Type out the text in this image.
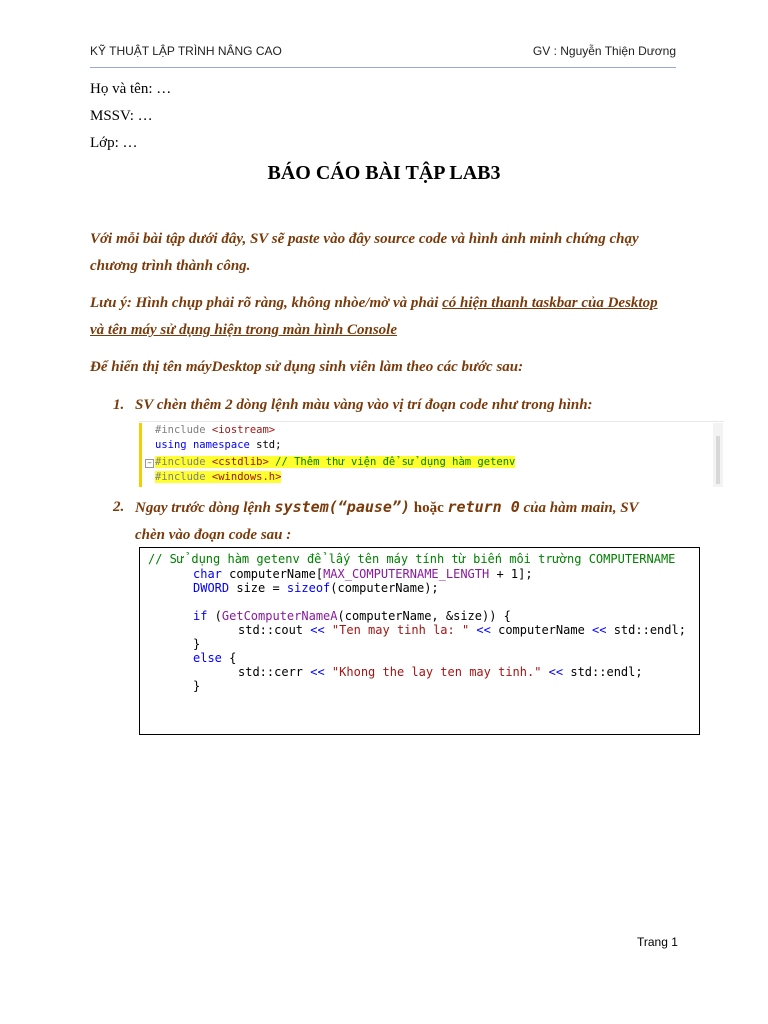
KỸ THUẬT LẬP TRÌNH NÂNG CAO	GV : Nguyễn Thiện Dương
Họ và tên: …
MSSV: …
Lớp: …
BÁO CÁO BÀI TẬP LAB3
Với mỗi bài tập dưới đây, SV sẽ paste vào đây source code và hình ảnh minh chứng chạy
chương trình thành công.
Lưu ý: Hình chụp phải rõ ràng, không nhòe/mờ và phải có hiện thanh taskbar của Desktop
và tên máy sử dụng hiện trong màn hình Console
Để hiển thị tên máyDesktop sử dụng sinh viên làm theo các bước sau:
1. SV chèn thêm 2 dòng lệnh màu vàng vào vị trí đoạn code như trong hình:
#include <iostream>
using namespace std;
− #include <cstdlib> // Thêm thư viện để sử dụng hàm getenv
#include <windows.h>
2. Ngay trước dòng lệnh system(“pause”) hoặc return 0 của hàm main, SV
chèn vào đoạn code sau :
// Sử dụng hàm getenv để lấy tên máy tính từ biến môi trường COMPUTERNAME
char computerName[MAX_COMPUTERNAME_LENGTH + 1];
DWORD size = sizeof(computerName);
if (GetComputerNameA(computerName, &size)) {
std::cout << "Ten may tinh la: " << computerName << std::endl;
}
else {
std::cerr << "Khong the lay ten may tinh." << std::endl;
}
Trang 1
